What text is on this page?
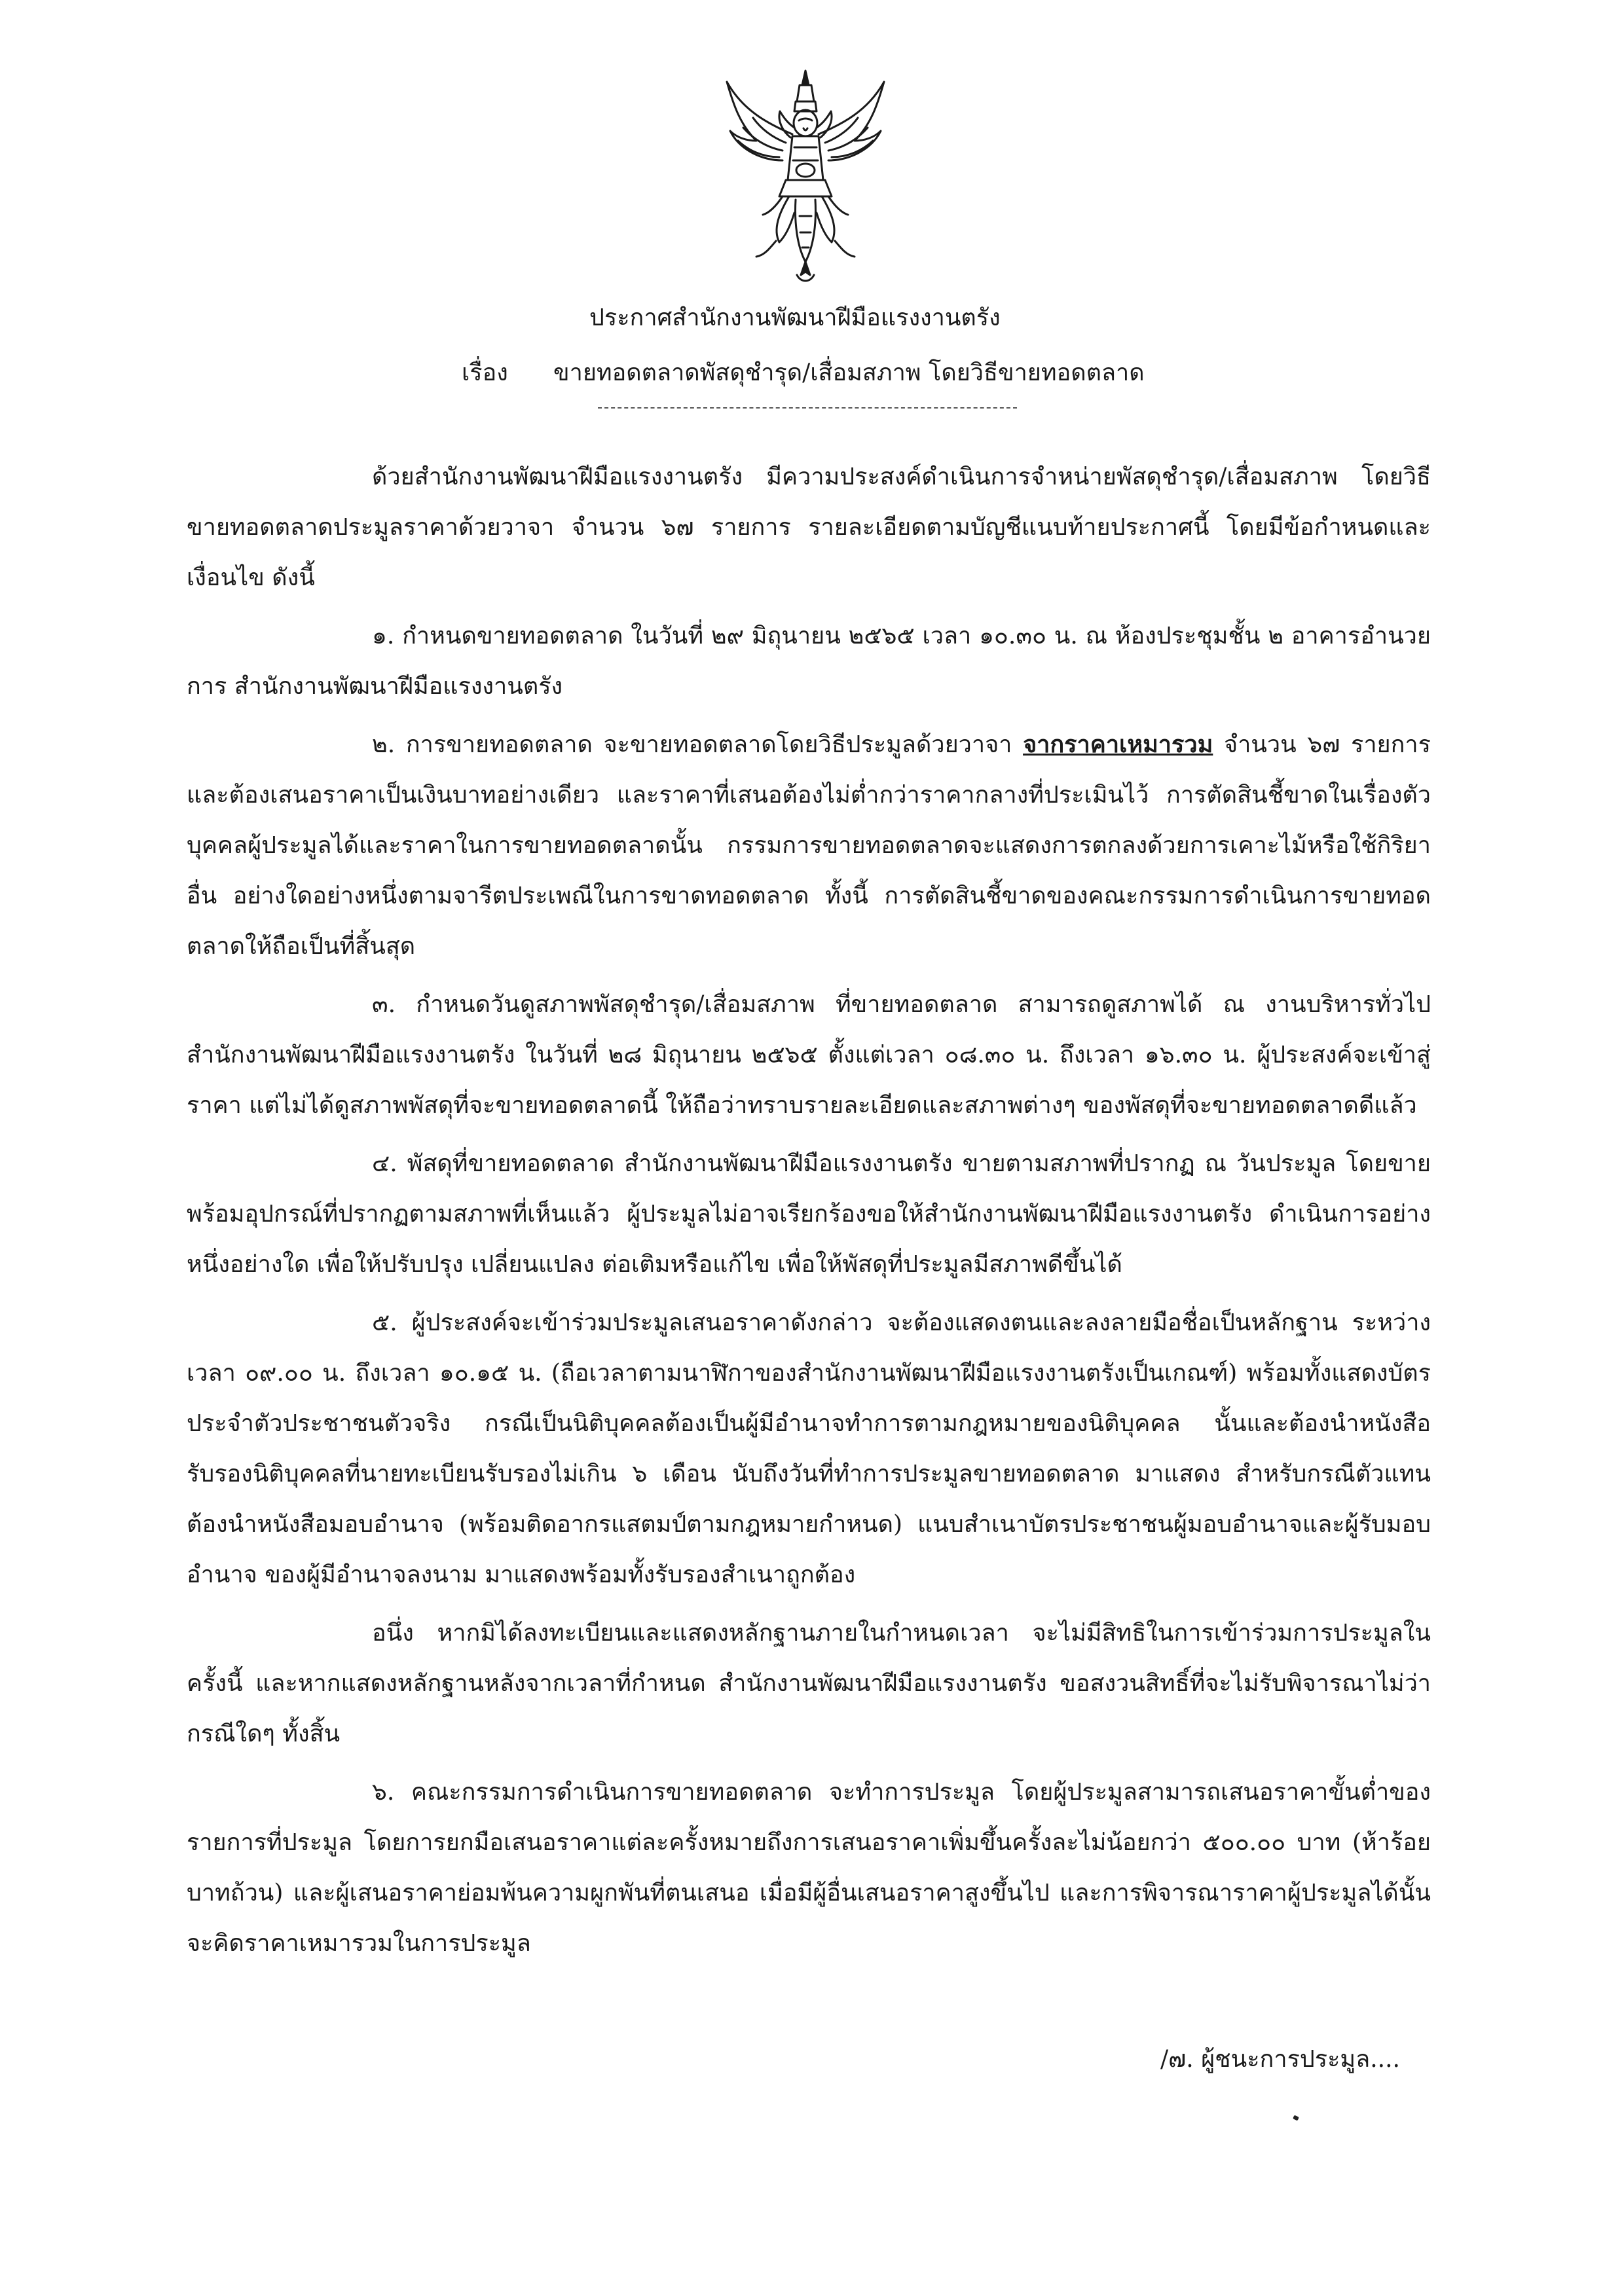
ประกาศสำนักงานพัฒนาฝีมือแรงงานตรัง
เรื่อง ขายทอดตลาดพัสดุชำรุด/เสื่อมสภาพ โดยวิธีขายทอดตลาด

ด้วยสำนักงานพัฒนาฝีมือแรงงานตรัง มีความประสงค์ดำเนินการจำหน่ายพัสดุชำรุด/เสื่อมสภาพ โดยวิธีขายทอดตลาดประมูลราคาด้วยวาจา จำนวน ๖๗ รายการ รายละเอียดตามบัญชีแนบท้ายประกาศนี้ โดยมีข้อกำหนดและเงื่อนไข ดังนี้

๑. กำหนดขายทอดตลาด ในวันที่ ๒๙ มิถุนายน ๒๕๖๕ เวลา ๑๐.๓๐ น. ณ ห้องประชุมชั้น ๒ อาคารอำนวยการ สำนักงานพัฒนาฝีมือแรงงานตรัง

๒. การขายทอดตลาด จะขายทอดตลาดโดยวิธีประมูลด้วยวาจา จากราคาเหมารวม จำนวน ๖๗ รายการ และต้องเสนอราคาเป็นเงินบาทอย่างเดียว และราคาที่เสนอต้องไม่ต่ำกว่าราคากลางที่ประเมินไว้ การตัดสินชี้ขาดในเรื่องตัวบุคคลผู้ประมูลได้และราคาในการขายทอดตลาดนั้น กรรมการขายทอดตลาดจะแสดงการตกลงด้วยการเคาะไม้หรือใช้กิริยาอื่น อย่างใดอย่างหนึ่งตามจารีตประเพณีในการขาดทอดตลาด ทั้งนี้ การตัดสินชี้ขาดของคณะกรรมการดำเนินการขายทอดตลาดให้ถือเป็นที่สิ้นสุด

๓. กำหนดวันดูสภาพพัสดุชำรุด/เสื่อมสภาพ ที่ขายทอดตลาด สามารถดูสภาพได้ ณ งานบริหารทั่วไป สำนักงานพัฒนาฝีมือแรงงานตรัง ในวันที่ ๒๘ มิถุนายน ๒๕๖๕ ตั้งแต่เวลา ๐๘.๓๐ น. ถึงเวลา ๑๖.๓๐ น. ผู้ประสงค์จะเข้าสู่ราคา แต่ไม่ได้ดูสภาพพัสดุที่จะขายทอดตลาดนี้ ให้ถือว่าทราบรายละเอียดและสภาพต่างๆ ของพัสดุที่จะขายทอดตลาดดีแล้ว

๔. พัสดุที่ขายทอดตลาด สำนักงานพัฒนาฝีมือแรงงานตรัง ขายตามสภาพที่ปรากฏ ณ วันประมูล โดยขายพร้อมอุปกรณ์ที่ปรากฏตามสภาพที่เห็นแล้ว ผู้ประมูลไม่อาจเรียกร้องขอให้สำนักงานพัฒนาฝีมือแรงงานตรัง ดำเนินการอย่างหนึ่งอย่างใด เพื่อให้ปรับปรุง เปลี่ยนแปลง ต่อเติมหรือแก้ไข เพื่อให้พัสดุที่ประมูลมีสภาพดีขึ้นได้

๕. ผู้ประสงค์จะเข้าร่วมประมูลเสนอราคาดังกล่าว จะต้องแสดงตนและลงลายมือชื่อเป็นหลักฐาน ระหว่างเวลา ๐๙.๐๐ น. ถึงเวลา ๑๐.๑๕ น. (ถือเวลาตามนาฬิกาของสำนักงานพัฒนาฝีมือแรงงานตรังเป็นเกณฑ์) พร้อมทั้งแสดงบัตรประจำตัวประชาชนตัวจริง กรณีเป็นนิติบุคคลต้องเป็นผู้มีอำนาจทำการตามกฎหมายของนิติบุคคล นั้นและต้องนำหนังสือรับรองนิติบุคคลที่นายทะเบียนรับรองไม่เกิน ๖ เดือน นับถึงวันที่ทำการประมูลขายทอดตลาด มาแสดง สำหรับกรณีตัวแทน ต้องนำหนังสือมอบอำนาจ (พร้อมติดอากรแสตมป์ตามกฎหมายกำหนด) แนบสำเนาบัตรประชาชนผู้มอบอำนาจและผู้รับมอบอำนาจ ของผู้มีอำนาจลงนาม มาแสดงพร้อมทั้งรับรองสำเนาถูกต้อง

อนึ่ง หากมิได้ลงทะเบียนและแสดงหลักฐานภายในกำหนดเวลา จะไม่มีสิทธิในการเข้าร่วมการประมูลในครั้งนี้ และหากแสดงหลักฐานหลังจากเวลาที่กำหนด สำนักงานพัฒนาฝีมือแรงงานตรัง ขอสงวนสิทธิ์ที่จะไม่รับพิจารณาไม่ว่ากรณีใดๆ ทั้งสิ้น

๖. คณะกรรมการดำเนินการขายทอดตลาด จะทำการประมูล โดยผู้ประมูลสามารถเสนอราคาขั้นต่ำของรายการที่ประมูล โดยการยกมือเสนอราคาแต่ละครั้งหมายถึงการเสนอราคาเพิ่มขึ้นครั้งละไม่น้อยกว่า ๕๐๐.๐๐ บาท (ห้าร้อยบาทถ้วน) และผู้เสนอราคาย่อมพ้นความผูกพันที่ตนเสนอ เมื่อมีผู้อื่นเสนอราคาสูงขึ้นไป และการพิจารณาราคาผู้ประมูลได้นั้น จะคิดราคาเหมารวมในการประมูล

/๗. ผู้ชนะการประมูล....
